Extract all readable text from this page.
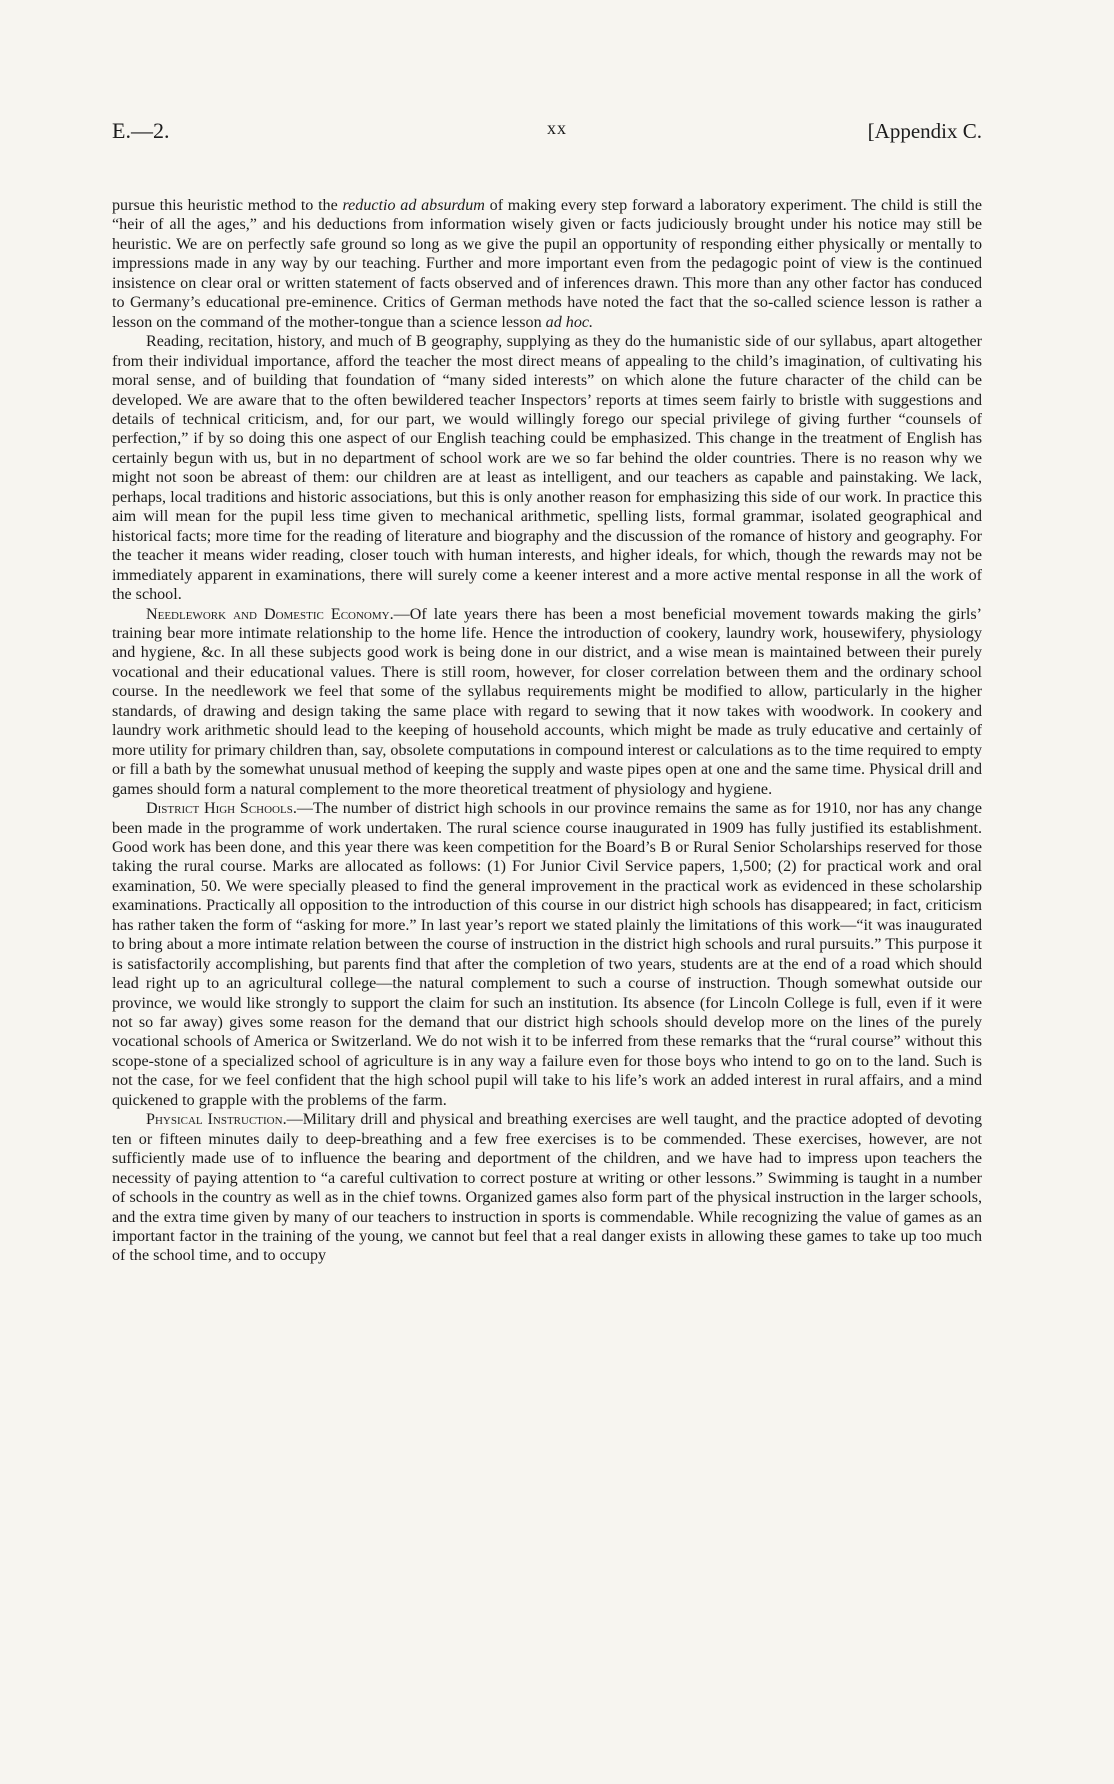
E.—2.	[Appendix C.
xx

pursue this heuristic method to the reductio ad absurdum of making every step forward a laboratory experiment. The child is still the “heir of all the ages,” and his deductions from information wisely given or facts judiciously brought under his notice may still be heuristic. We are on perfectly safe ground so long as we give the pupil an opportunity of responding either physically or mentally to impressions made in any way by our teaching. Further and more important even from the pedagogic point of view is the continued insistence on clear oral or written statement of facts observed and of inferences drawn. This more than any other factor has conduced to Germany’s educational pre-eminence. Critics of German methods have noted the fact that the so-called science lesson is rather a lesson on the command of the mother-tongue than a science lesson ad hoc.

Reading, recitation, history, and much of B geography, supplying as they do the humanistic side of our syllabus, apart altogether from their individual importance, afford the teacher the most direct means of appealing to the child’s imagination, of cultivating his moral sense, and of building that foundation of “many sided interests” on which alone the future character of the child can be developed. We are aware that to the often bewildered teacher Inspectors’ reports at times seem fairly to bristle with suggestions and details of technical criticism, and, for our part, we would willingly forego our special privilege of giving further “counsels of perfection,” if by so doing this one aspect of our English teaching could be emphasized. This change in the treatment of English has certainly begun with us, but in no department of school work are we so far behind the older countries. There is no reason why we might not soon be abreast of them: our children are at least as intelligent, and our teachers as capable and painstaking. We lack, perhaps, local traditions and historic associations, but this is only another reason for emphasizing this side of our work. In practice this aim will mean for the pupil less time given to mechanical arithmetic, spelling lists, formal grammar, isolated geographical and historical facts; more time for the reading of literature and biography and the discussion of the romance of history and geography. For the teacher it means wider reading, closer touch with human interests, and higher ideals, for which, though the rewards may not be immediately apparent in examinations, there will surely come a keener interest and a more active mental response in all the work of the school.

Needlework and Domestic Economy.—Of late years there has been a most beneficial movement towards making the girls’ training bear more intimate relationship to the home life. Hence the introduction of cookery, laundry work, housewifery, physiology and hygiene, &c. In all these subjects good work is being done in our district, and a wise mean is maintained between their purely vocational and their educational values. There is still room, however, for closer correlation between them and the ordinary school course. In the needlework we feel that some of the syllabus requirements might be modified to allow, particularly in the higher standards, of drawing and design taking the same place with regard to sewing that it now takes with woodwork. In cookery and laundry work arithmetic should lead to the keeping of household accounts, which might be made as truly educative and certainly of more utility for primary children than, say, obsolete computations in compound interest or calculations as to the time required to empty or fill a bath by the somewhat unusual method of keeping the supply and waste pipes open at one and the same time. Physical drill and games should form a natural complement to the more theoretical treatment of physiology and hygiene.

District High Schools.—The number of district high schools in our province remains the same as for 1910, nor has any change been made in the programme of work undertaken. The rural science course inaugurated in 1909 has fully justified its establishment. Good work has been done, and this year there was keen competition for the Board’s B or Rural Senior Scholarships reserved for those taking the rural course. Marks are allocated as follows: (1) For Junior Civil Service papers, 1,500; (2) for practical work and oral examination, 50. We were specially pleased to find the general improvement in the practical work as evidenced in these scholarship examinations. Practically all opposition to the introduction of this course in our district high schools has disappeared; in fact, criticism has rather taken the form of “asking for more.” In last year’s report we stated plainly the limitations of this work—“it was inaugurated to bring about a more intimate relation between the course of instruction in the district high schools and rural pursuits.” This purpose it is satisfactorily accomplishing, but parents find that after the completion of two years, students are at the end of a road which should lead right up to an agricultural college—the natural complement to such a course of instruction. Though somewhat outside our province, we would like strongly to support the claim for such an institution. Its absence (for Lincoln College is full, even if it were not so far away) gives some reason for the demand that our district high schools should develop more on the lines of the purely vocational schools of America or Switzerland. We do not wish it to be inferred from these remarks that the “rural course” without this scope-stone of a specialized school of agriculture is in any way a failure even for those boys who intend to go on to the land. Such is not the case, for we feel confident that the high school pupil will take to his life’s work an added interest in rural affairs, and a mind quickened to grapple with the problems of the farm.

Physical Instruction.—Military drill and physical and breathing exercises are well taught, and the practice adopted of devoting ten or fifteen minutes daily to deep-breathing and a few free exercises is to be commended. These exercises, however, are not sufficiently made use of to influence the bearing and deportment of the children, and we have had to impress upon teachers the necessity of paying attention to “a careful cultivation to correct posture at writing or other lessons.” Swimming is taught in a number of schools in the country as well as in the chief towns. Organized games also form part of the physical instruction in the larger schools, and the extra time given by many of our teachers to instruction in sports is commendable. While recognizing the value of games as an important factor in the training of the young, we cannot but feel that a real danger exists in allowing these games to take up too much of the school time, and to occupy
